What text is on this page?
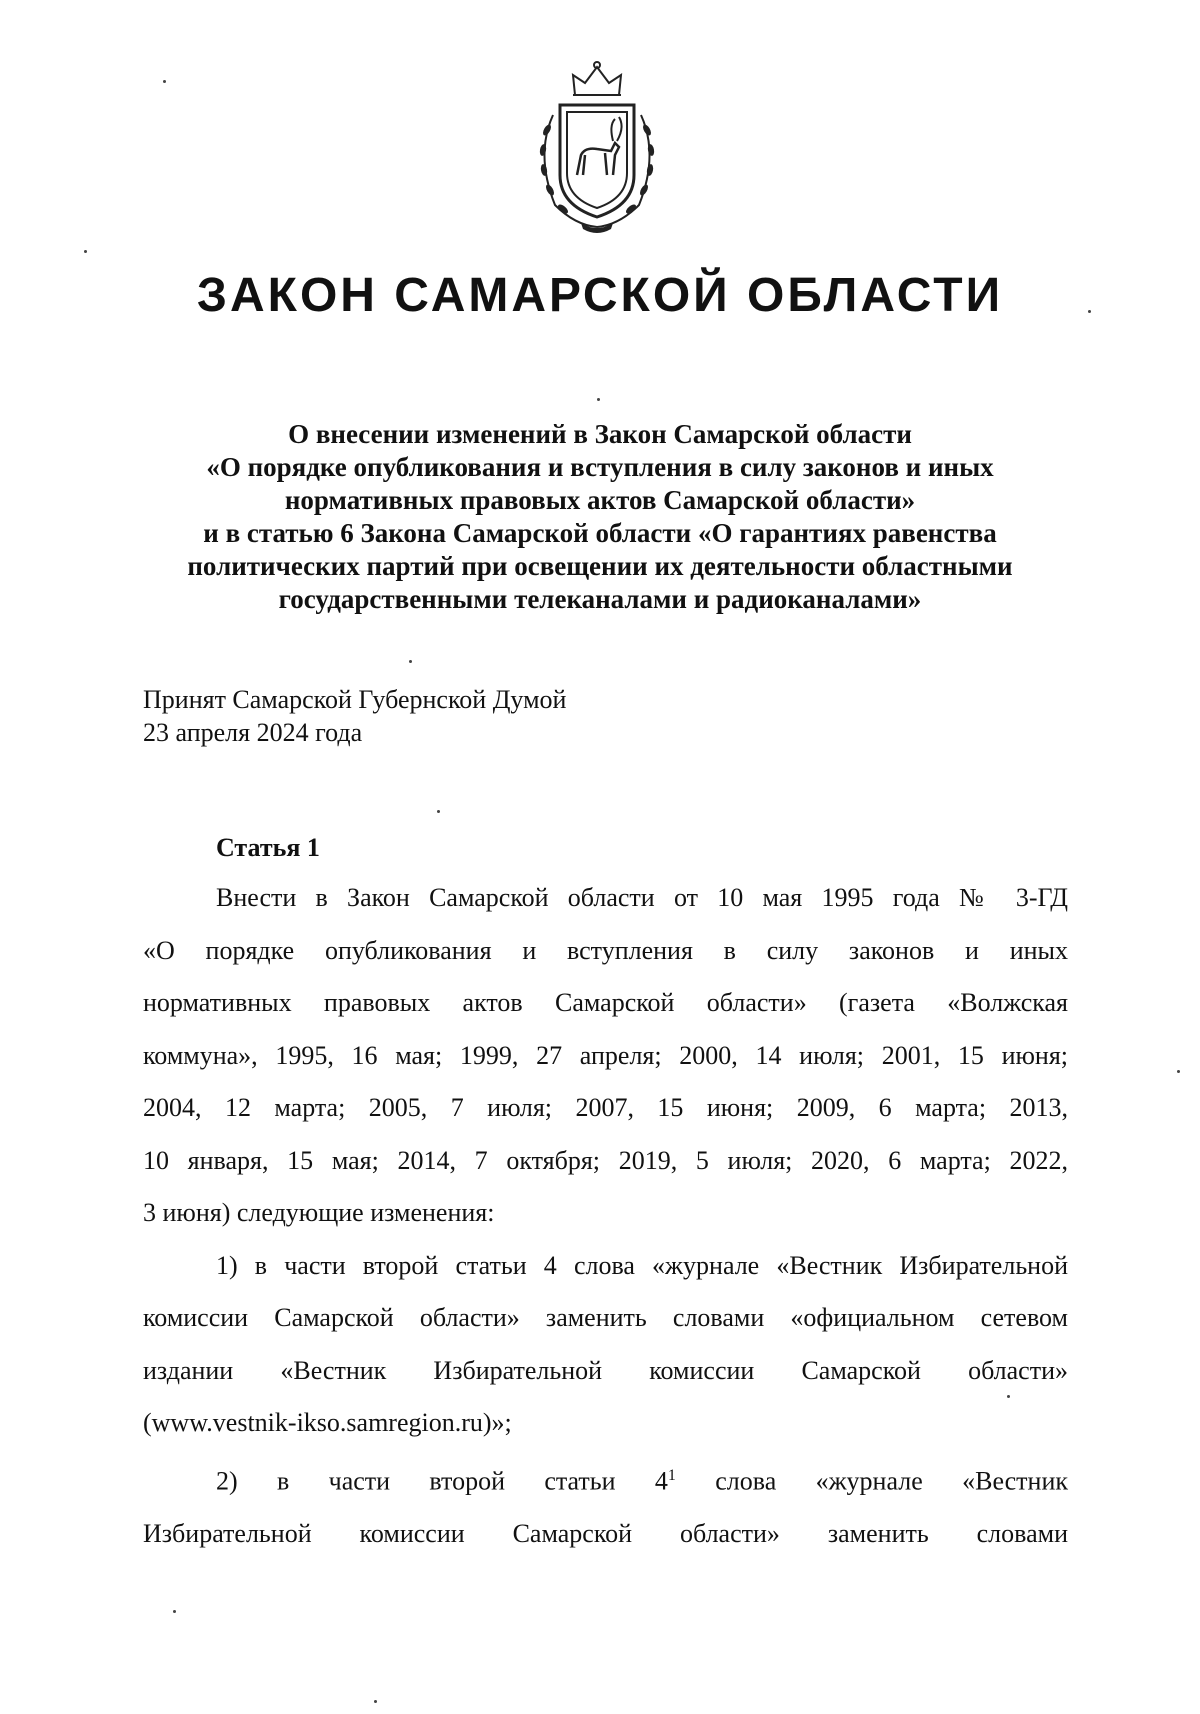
ЗАКОН САМАРСКОЙ ОБЛАСТИ
О внесении изменений в Закон Самарской области
«О порядке опубликования и вступления в силу законов и иных
нормативных правовых актов Самарской области»
и в статью 6 Закона Самарской области «О гарантиях равенства
политических партий при освещении их деятельности областными
государственными телеканалами и радиоканалами»
Принят Самарской Губернской Думой
23 апреля 2024 года
Статья 1
Внести в Закон Самарской области от 10 мая 1995 года № 3-ГД
«О порядке опубликования и вступления в силу законов и иных
нормативных правовых актов Самарской области» (газета «Волжская
коммуна», 1995, 16 мая; 1999, 27 апреля; 2000, 14 июля; 2001, 15 июня;
2004, 12 марта; 2005, 7 июля; 2007, 15 июня; 2009, 6 марта; 2013,
10 января, 15 мая; 2014, 7 октября; 2019, 5 июля; 2020, 6 марта; 2022,
3 июня) следующие изменения:
1) в части второй статьи 4 слова «журнале «Вестник Избирательной
комиссии Самарской области» заменить словами «официальном сетевом
издании «Вестник Избирательной комиссии Самарской области»
(www.vestnik-ikso.samregion.ru)»;
2) в части второй статьи $4^1$ слова «журнале «Вестник
Избирательной комиссии Самарской области» заменить словами
